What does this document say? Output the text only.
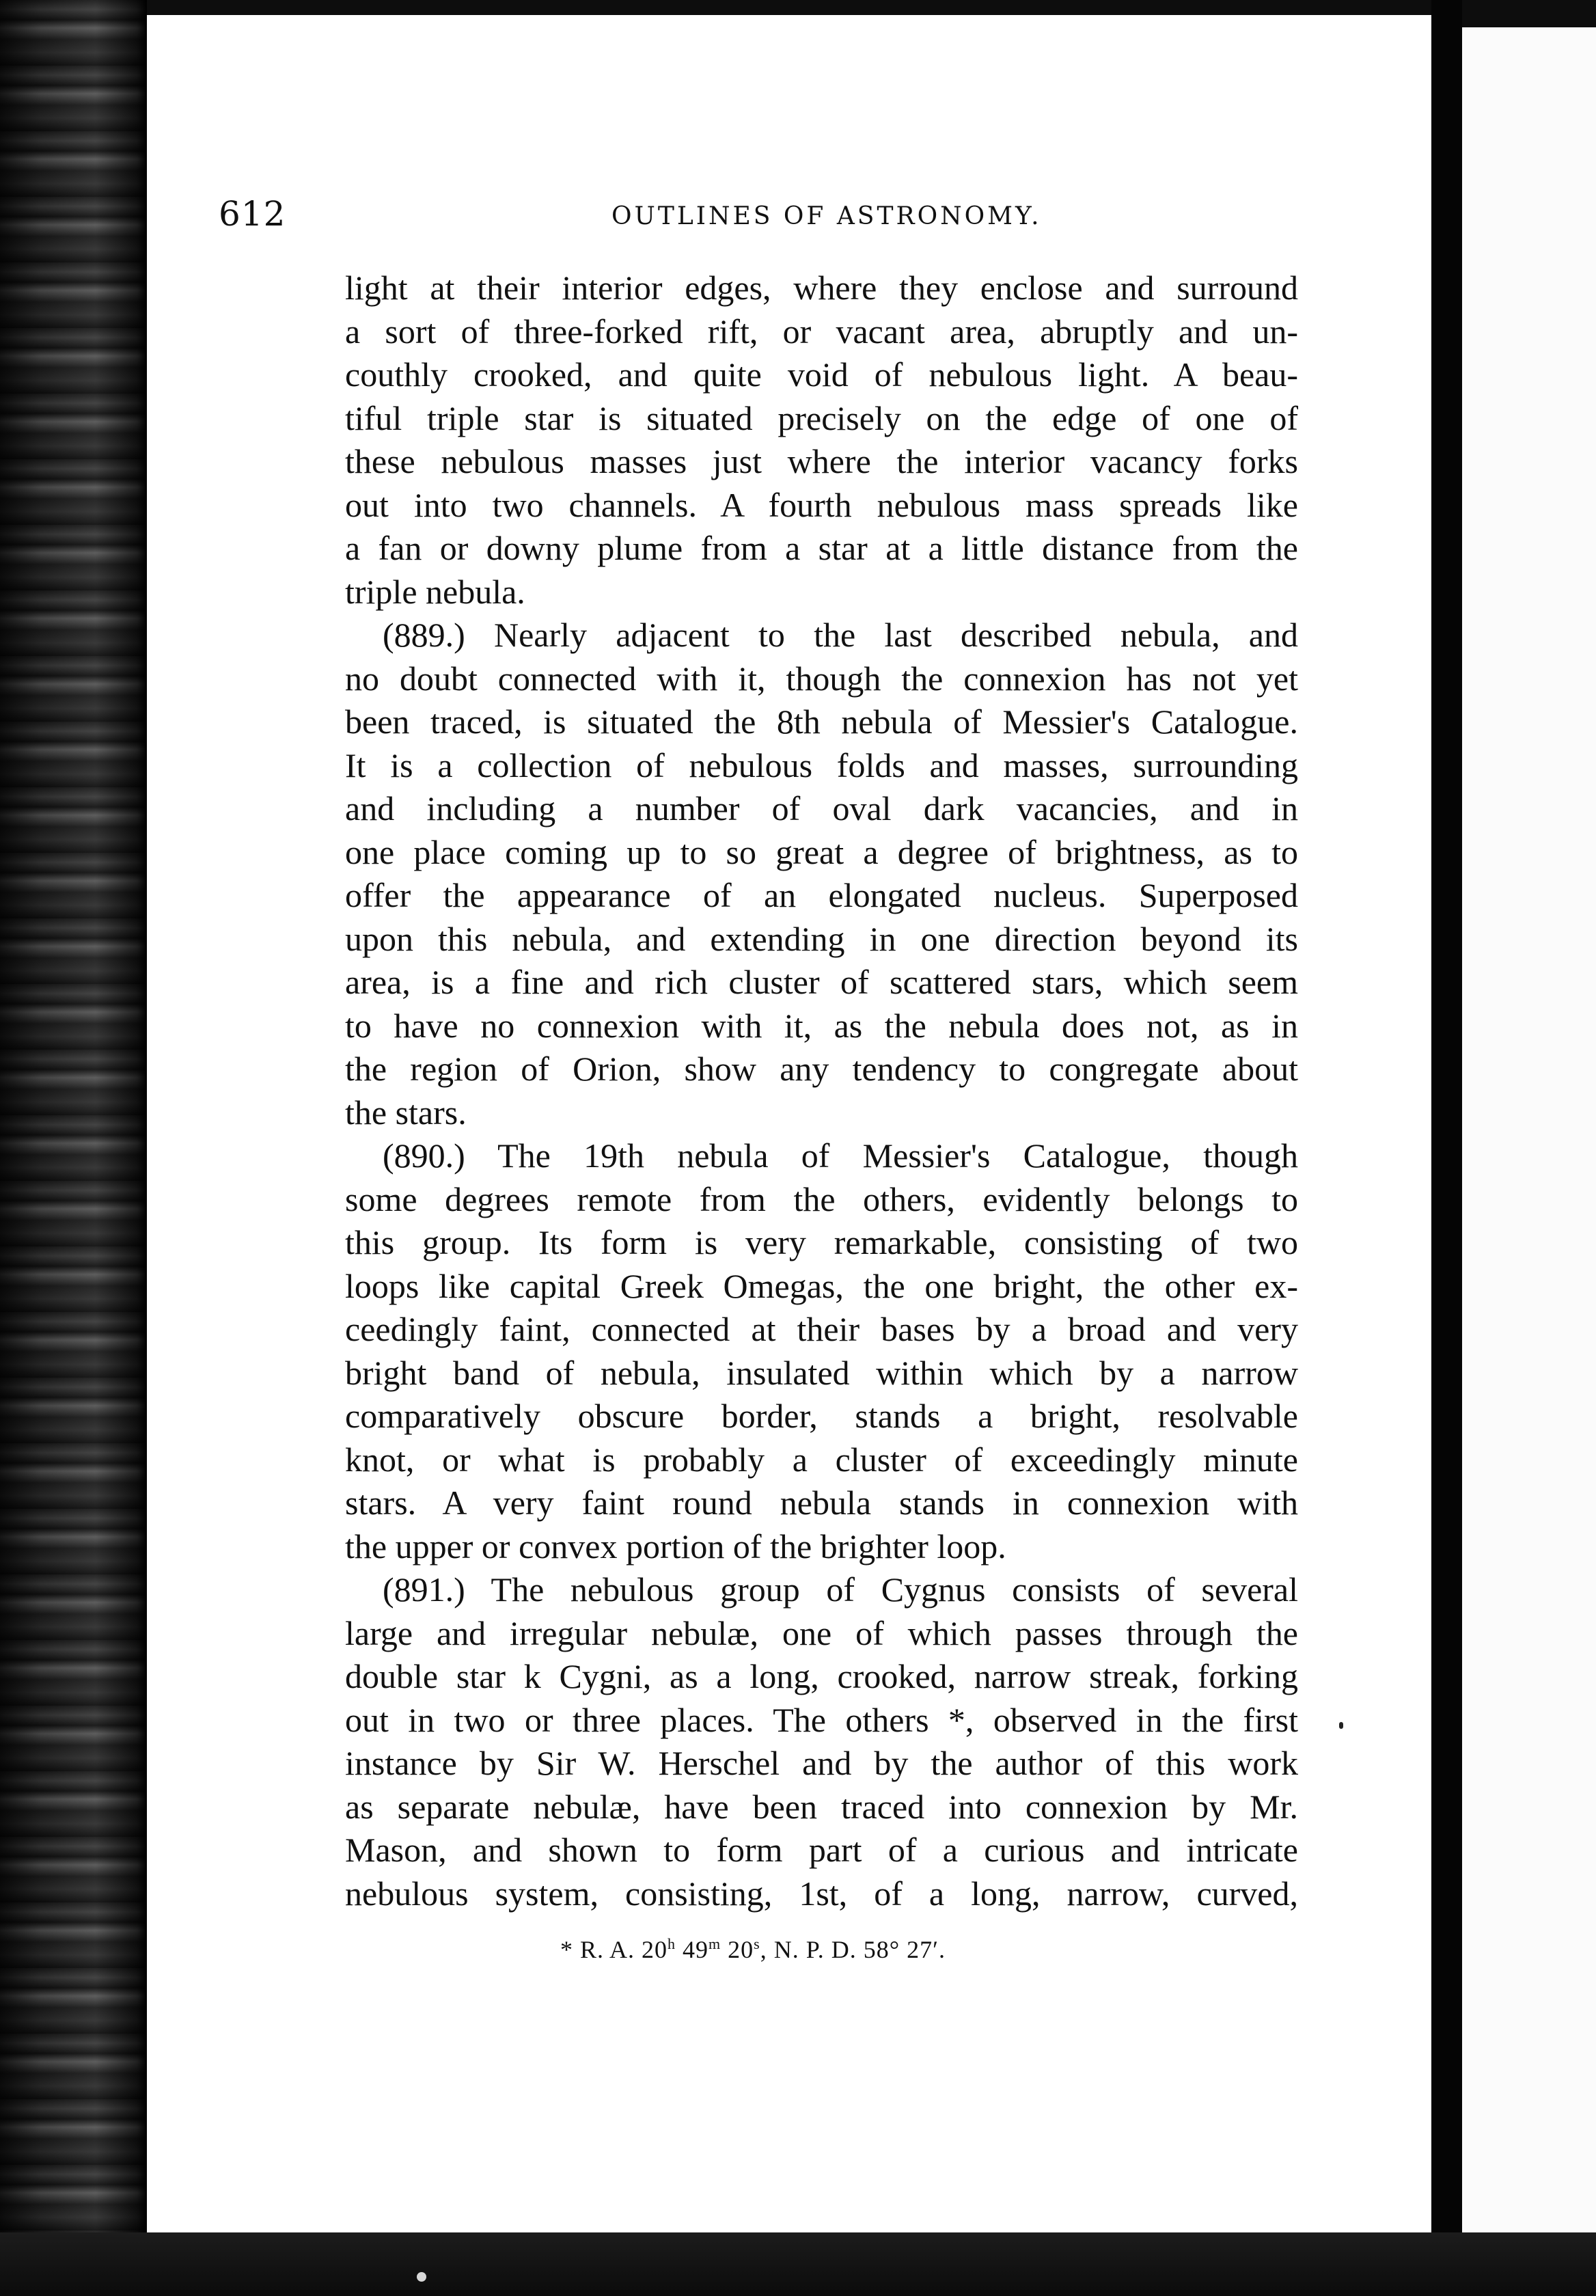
612	OUTLINES OF ASTRONOMY.
light at their interior edges, where they enclose and surround
a sort of three-forked rift, or vacant area, abruptly and un-
couthly crooked, and quite void of nebulous light. A beau-
tiful triple star is situated precisely on the edge of one of
these nebulous masses just where the interior vacancy forks
out into two channels. A fourth nebulous mass spreads like
a fan or downy plume from a star at a little distance from the
triple nebula.
(889.) Nearly adjacent to the last described nebula, and
no doubt connected with it, though the connexion has not yet
been traced, is situated the 8th nebula of Messier's Catalogue.
It is a collection of nebulous folds and masses, surrounding
and including a number of oval dark vacancies, and in
one place coming up to so great a degree of brightness, as to
offer the appearance of an elongated nucleus. Superposed
upon this nebula, and extending in one direction beyond its
area, is a fine and rich cluster of scattered stars, which seem
to have no connexion with it, as the nebula does not, as in
the region of Orion, show any tendency to congregate about
the stars.
(890.) The 19th nebula of Messier's Catalogue, though
some degrees remote from the others, evidently belongs to
this group. Its form is very remarkable, consisting of two
loops like capital Greek Omegas, the one bright, the other ex-
ceedingly faint, connected at their bases by a broad and very
bright band of nebula, insulated within which by a narrow
comparatively obscure border, stands a bright, resolvable
knot, or what is probably a cluster of exceedingly minute
stars. A very faint round nebula stands in connexion with
the upper or convex portion of the brighter loop.
(891.) The nebulous group of Cygnus consists of several
large and irregular nebulæ, one of which passes through the
double star k Cygni, as a long, crooked, narrow streak, forking
out in two or three places. The others *, observed in the first
instance by Sir W. Herschel and by the author of this work
as separate nebulæ, have been traced into connexion by Mr.
Mason, and shown to form part of a curious and intricate
nebulous system, consisting, 1st, of a long, narrow, curved,
* R. A. 20$^h$ 49$^m$ 20$^s$, N. P. D. 58° 27′.
